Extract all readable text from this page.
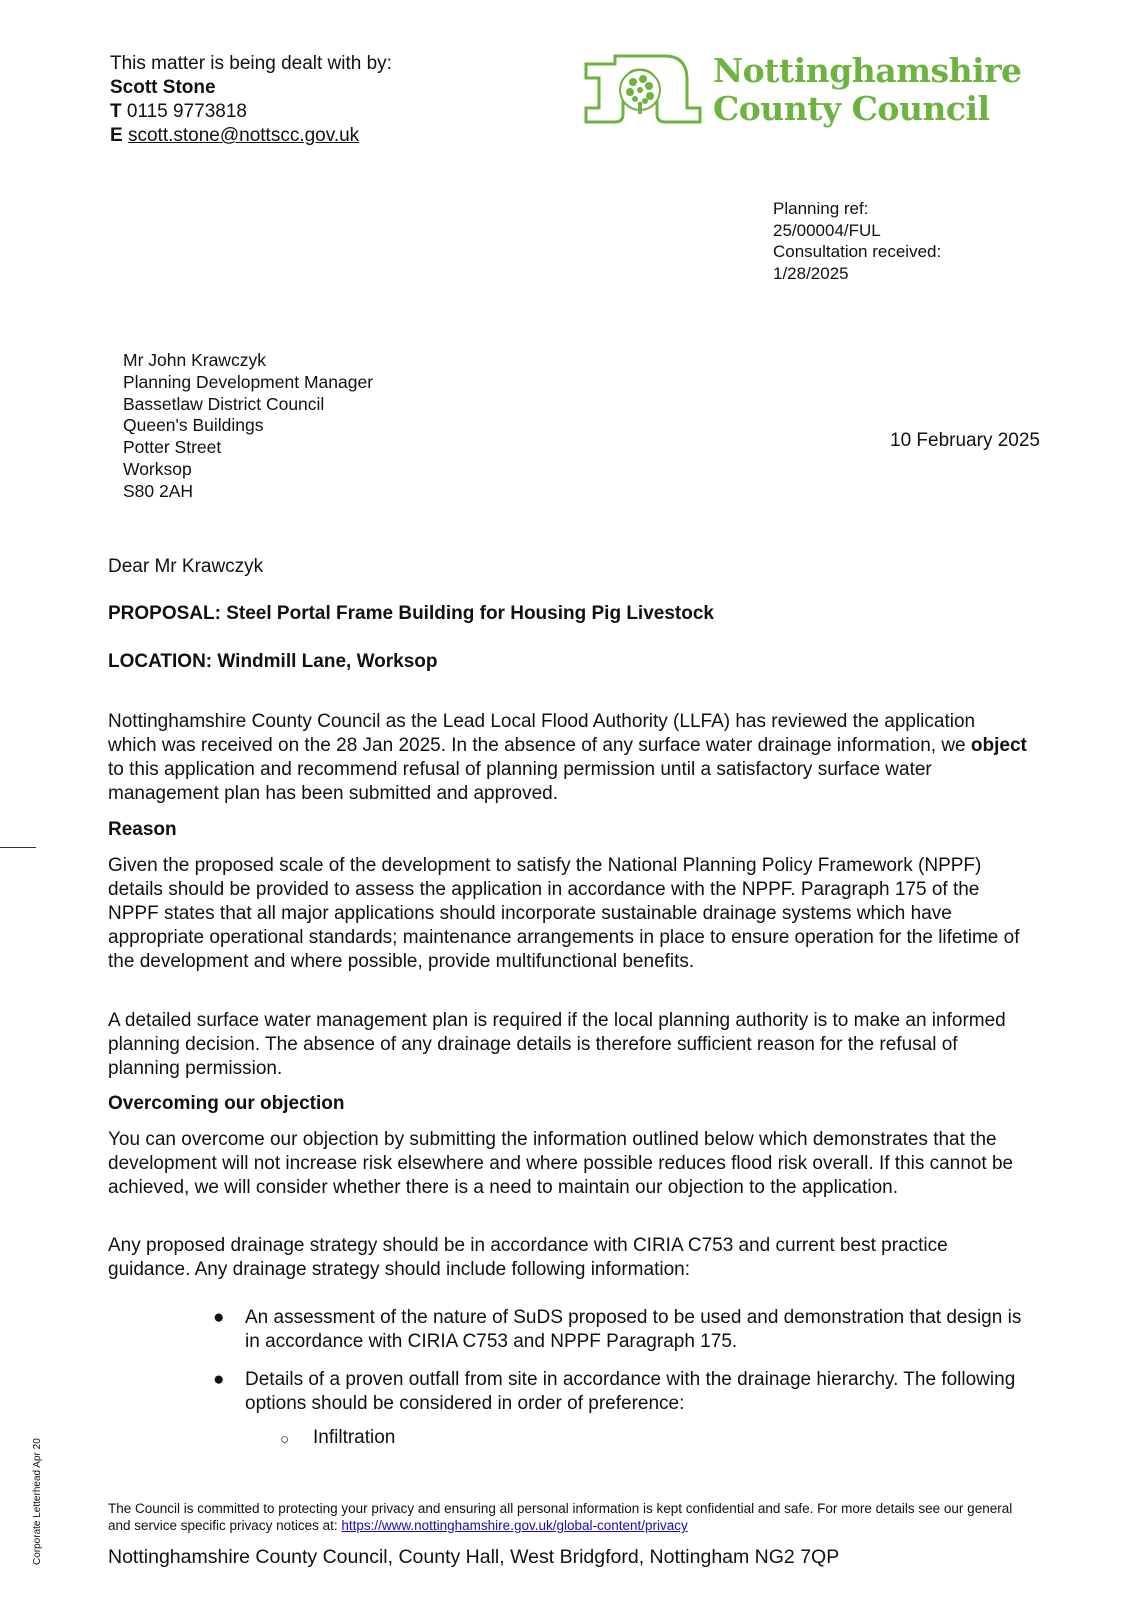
This matter is being dealt with by:
Scott Stone
T 0115 9773818
E scott.stone@nottscc.gov.uk
Nottinghamshire
County Council
Planning ref:
25/00004/FUL
Consultation received:
1/28/2025
Mr John Krawczyk
Planning Development Manager
Bassetlaw District Council
Queen's Buildings
Potter Street
Worksop
S80 2AH
10 February 2025
Dear Mr Krawczyk
PROPOSAL: Steel Portal Frame Building for Housing Pig Livestock
LOCATION: Windmill Lane, Worksop

Nottinghamshire County Council as the Lead Local Flood Authority (LLFA) has reviewed the application which was received on the 28 Jan 2025. In the absence of any surface water drainage information, we object to this application and recommend refusal of planning permission until a satisfactory surface water management plan has been submitted and approved.

Reason
Given the proposed scale of the development to satisfy the National Planning Policy Framework (NPPF) details should be provided to assess the application in accordance with the NPPF. Paragraph 175 of the NPPF states that all major applications should incorporate sustainable drainage systems which have appropriate operational standards; maintenance arrangements in place to ensure operation for the lifetime of the development and where possible, provide multifunctional benefits.
A detailed surface water management plan is required if the local planning authority is to make an informed planning decision. The absence of any drainage details is therefore sufficient reason for the refusal of planning permission.
Overcoming our objection
You can overcome our objection by submitting the information outlined below which demonstrates that the development will not increase risk elsewhere and where possible reduces flood risk overall. If this cannot be achieved, we will consider whether there is a need to maintain our objection to the application.
Any proposed drainage strategy should be in accordance with CIRIA C753 and current best practice guidance. Any drainage strategy should include following information:
● An assessment of the nature of SuDS proposed to be used and demonstration that design is in accordance with CIRIA C753 and NPPF Paragraph 175.
● Details of a proven outfall from site in accordance with the drainage hierarchy. The following options should be considered in order of preference:
○ Infiltration
The Council is committed to protecting your privacy and ensuring all personal information is kept confidential and safe. For more details see our general and service specific privacy notices at: https://www.nottinghamshire.gov.uk/global-content/privacy
Nottinghamshire County Council, County Hall, West Bridgford, Nottingham NG2 7QP
Corporate Letterhead Apr 20
